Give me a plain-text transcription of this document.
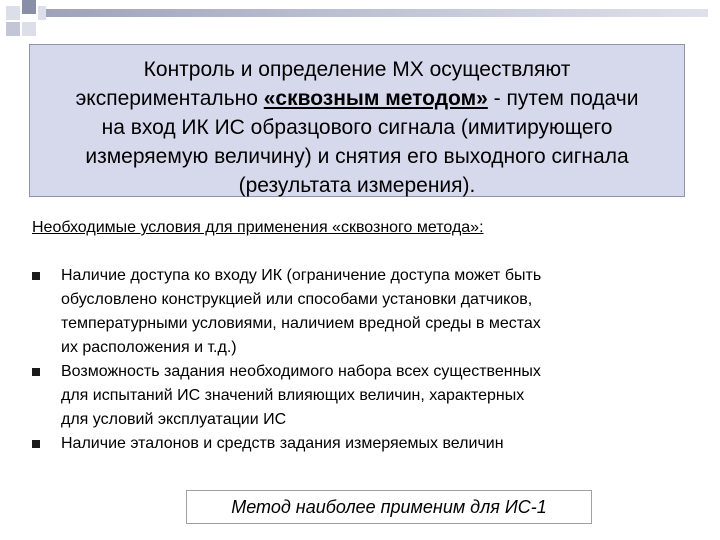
Контроль и определение МХ осуществляют
экспериментально «сквозным методом» - путем подачи
на вход ИК ИС образцового сигнала (имитирующего
измеряемую величину) и снятия его выходного сигнала
(результата измерения).

Необходимые условия для применения «сквозного метода»:

Наличие доступа ко входу ИК (ограничение доступа может быть
обусловлено конструкцией или способами установки датчиков,
температурными условиями, наличием вредной среды в местах
их расположения и т.д.)
Возможность задания необходимого набора всех существенных
для испытаний ИС значений влияющих величин, характерных
для условий эксплуатации ИС
Наличие эталонов и средств задания измеряемых величин
Метод наиболее применим для ИС-1
